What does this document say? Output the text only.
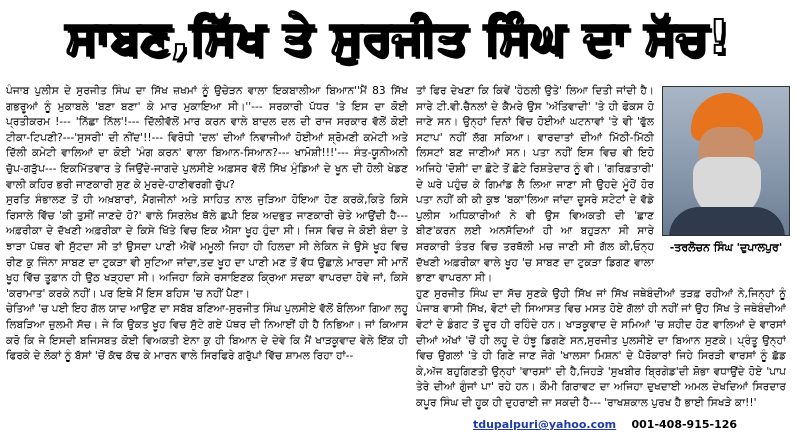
ਸਾਬਣ,ਸਿੱਖ ਤੇ ਸੁਰਜੀਤ ਸਿੰਘ ਦਾ ਸੱਚ!

ਪੰਜਾਬ ਪੁਲੀਸ ਦੇ ਸੁਰਜੀਤ ਸਿੰਘ ਦਾ ਸਿੱਖ ਜ਼ਖਮਾਂ ਨੂੰ ਉਚੇੜਨ ਵਾਲਾ ਇਕਬਾਲੀਆ ਬਿਆਨ''ਮੈਂ 83 ਸਿੱਖ ਗਭਰੂਆਂ ਨੂੰ ਮੁਕਾਬਲੇ 'ਬਣਾ ਬਣਾ' ਕੇ ਮਾਰ ਮੁਕਾਇਆ ਸੀ।''--- ਸਰਕਾਰੀ ਪੱਧਰ 'ਤੇ ਇਸ ਦਾ ਕੋਈ ਪ੍ਰਤੀਕਰਮ !--- 'ਨਿੱਛਾ ਨਿੱਲ'!--- ਦਿੱਲੀਵੱਲੋਂ ਮਾਰ ਕਰਨ ਵਾਲੇ ਬਾਦਲ ਦਲ ਦੀ ਰਾਜ ਸਰਕਾਰ ਵੱਲੋਂ ਕੋਈ ਟੀਕਾ-ਟਿਪਣੀ?---'ਸੁਸਰੀ' ਦੀ ਨੀਂਦ'!!--- ਵਿਰੋਧੀ 'ਦਲ' ਦੀਆਂ ਨਿਵਾਜੀਆਂ ਹੋਈਆਂ ਸ਼੍ਰੋਮਣੀ ਕਮੇਟੀ ਅਤੇ ਦਿੱਲੀ ਕਮੇਟੀ ਵਾਲਿਆਂ ਦਾ ਕੋਈ 'ਮੰਗ ਕਰਨ' ਵਾਲਾ ਬਿਆਨ-ਸਿਆਨ?--- ਖਾਮੋਸ਼ੀ!!!'--- ਸੰਤ-ਯੂਨੀਅਨੀ ਚੁੱਪ-ਗੜੁੱਪ--- ਇਕਮਿੱਤਵਾਰ ਤੇ ਜਿਉਂਦੇ-ਜਾਗਦੇ ਪੁਲਸੀਏ ਅਫ਼ਸਰ ਵੱਲੋਂ ਸਿੱਖ ਮੁੰਡਿਆਂ ਦੇ ਖੂਨ ਦੀ ਹੋਲੀ ਖੇਡਣ ਵਾਲੀ ਕਹਿਰ ਭਰੀ ਜਾਣਕਾਰੀ ਸੁਣ ਕੇ ਮੁਰਦੇ-ਹਾਣੀਵਰਗੀ ਚੁੱਪ?

ਸੁਰਤਿ ਸੰਭਾਲਣ ਤੋਂ ਹੀ ਅਖ਼ਬਾਰਾਂ, ਮੈਗਜੀਨਾਂ ਅਤੇ ਸਾਹਿਤ ਨਾਲ ਜੁੜਿਆ ਹੋਇਆ ਹੋਣ ਕਰਕੇ,ਕਿਤੇ ਕਿਸੇ ਰਿਸਾਲੇ ਵਿੱਚ 'ਕੀ ਤੁਸੀਂ ਜਾਣਦੇ ਹੋ?' ਵਾਲੇ ਸਿਰਲੇਖ ਥੱਲੇ ਛਪੀ ਇਕ ਅਦਭੁਤ ਜਾਣਕਾਰੀ ਚੇਤੇ ਆਉਂਦੀ ਹੈ--- ਅਫ਼ਰੀਕਾ ਦੇ ਦੱਖਣੀ ਅਫ਼ਰੀਕਾ ਦੇ ਕਿਸੇ ਖਿੱਤੇ ਵਿਚ ਇਕ ਐਸਾ ਖੂਹ ਹੁੰਦਾ ਸੀ। ਜਿਸ ਵਿਚ ਜੇ ਕੋਈ ਬੰਦਾ ਤੇ ਝਾੜਾ ਪੱਥਰ ਵੀ ਸੁੱਟਦਾ ਸੀ ਤਾਂ ਉਸਦਾ ਪਾਣੀ ਐਵੇਂ ਮਮੂਲੀ ਜਿਹਾ ਹੀ ਹਿਲਦਾ ਸੀ ਲੇਕਿਨ ਜੇ ਉਸੇ ਖੂਹ ਵਿਚ ਰੀਣ ਕੁ ਜਿੰਨਾ ਸਾਬਣ ਦਾ ਟੁਕੜਾ ਵੀ ਸੁਟਿਆ ਜਾਂਦਾ,ਤਦ ਖੂਹ ਦਾ ਪਾਣੀ ਮਣ ਤੋਂ ਵੱਧ ਉਛਾਲ਼ੇ ਮਾਰਦਾ ਸੀ ਮਾਨੋਂ ਖੂਹ ਵਿੱਚ ਤੂਫ਼ਾਨ ਹੀ ਉਠ ਖੜ੍ਹਦਾ ਸੀ। ਅਜਿਹਾ ਕਿਸੇ ਰਸਾਇਣਕ ਕ੍ਰਿਆ ਸਦਕਾ ਵਾਪਰਦਾ ਹੋਵੇ ਜਾਂ, ਕਿਸੇ 'ਕਰਾਮਾਤ' ਕਰਕੇ ਨਹੀਂ। ਪਰ ਇਥੇ ਮੈਂ ਇਸ ਬਹਿਸ 'ਚ ਨਹੀਂ ਪੈਣਾ।

ਚੇਤਿਆਂ 'ਚ ਪਈ ਇਹ ਗੱਲ ਯਾਦ ਆਉਣ ਦਾ ਸਬੱਬ ਬਣਿਆ-ਸੁਰਜੀਤ ਸਿੰਘ ਪੁਲਸੀਏ ਵੱਲੋਂ ਬੋਲਿਆ ਗਿਆ ਲਹੂ ਲਿਬੜਿਆ ਜ਼ੁਲਮੀ ਸੱਚ। ਜੇ ਕਿ ਉਕਤ ਖੂਹ ਵਿਚ ਸੁੱਟੇ ਗਏ ਪੱਥਰ ਦੀ ਨਿਆਈਂ ਹੀ ਹੈ ਨਿਭਿਆ। ਜਾਂ ਕਿਆਸ ਕਰੋ ਕਿ ਜੇ ਇਸਦੀ ਬਜਿਸਬਤ ਕੋਈ ਵਿਅਕਤੀ ਏਨਾ ਕੁ ਹੀ ਬਿਆਨ ਦੇ ਦੇਵੇ ਕਿ ਮੈਂ ਖਾੜਕੂਵਾਦ ਵੇਲੇ ਇੱਕ ਹੀ ਫਿਰਕੇ ਦੇ ਲੋਕਾਂ ਨੂੰ ਬੱਸਾਂ 'ਚੋਂ ਕੱਢ ਕੱਢ ਕੇ ਮਾਰਨ ਵਾਲੇ ਸਿਰਫਿਰੇ ਗਰੁੱਪਾਂ ਵਿੱਚ ਸ਼ਾਮਲ ਰਿਹਾ ਹਾਂ--

ਤਾਂ ਫਿਰ ਦੇਖਣਾ ਕਿ ਕਿਵੇਂ 'ਹੇਠਲੀ ਉਤੇ' ਲਿਆ ਦਿਤੀ ਜਾਂਦੀ ਹੈ। ਸਾਰੇ ਟੀ.ਵੀ.ਚੈਨਲਾਂ ਦੇ ਕੈਮਰੇ ਉਸ 'ਅੱਤਿਵਾਦੀ' 'ਤੇ ਹੀ ਫੋਕਸ ਹੋ ਜਾਣੇ ਸਨ। ਉਨ੍ਹਾਂ ਦਿਨਾਂ ਵਿੱਚ ਹੋਈਆਂ ਘਟਨਾਵਾਂ 'ਤੇ ਵੀ 'ਫੁੱਲ ਸਟਾਪ' ਨਹੀਂ ਲੱਗ ਸਕਿਆ। ਵਾਰਦਾਤਾਂ ਦੀਆਂ ਮਿੱਠੀ-ਮਿੱਠੀ ਲਿਸਟਾਂ ਬਣ ਜਾਣੀਆਂ ਸਨ। ਪਤਾ ਨਹੀਂ ਇਸ ਵਿਚ ਵੀ ਇਹੋ ਅਜਿਹੇ 'ਦੋਸ਼ੀ' ਦਾ ਛੋਟੇ ਤੋਂ ਛੋਟੇ ਰਿਸ਼ਤੇਦਾਰ ਨੂੰ ਵੀ। 'ਗਰਿਫ਼ਤਾਰੀ' ਦੇ ਘਰੇ ਪਹੁੰਚ ਕੇ ਗਿਮਾਂਡ ਲੈ ਲਿਆ ਜਾਣਾ ਸੀ ਉਹਦੇ ਮੂੰਹੋਂ ਹੋਰ ਪਤਾ ਨਹੀਂ ਕੀ ਕੀ ਕੁਝ 'ਬਕਾ'ਲਿਆ ਜਾਂਦਾ ਦੂਸਰੇ ਸਟੇਟਾਂ ਦੇ ਵੱਡੇ ਪੁਲੀਸ ਅਧਿਕਾਰੀਆਂ ਨੇ ਵੀ ਉਸ ਵਿਅਕਤੀ ਦੀ 'ਛਾਣ ਬੀਣ'ਕਰਨ ਲਈ ਅਨਸੱਦਿਆਂ ਹੀ ਆ ਬਹੁੜਨਾ ਸੀ ਸਾਰੇ ਸਰਕਾਰੀ ਤੰਤਰ ਵਿਚ ਤਰਥੱਲੀ ਮਚ ਜਾਣੀ ਸੀ ਗੱਲ ਕੀ,ਓਨ੍ਹ ਦੱਖਣੀ ਅਫ਼ਰੀਕਾ ਵਾਲੇ ਖੂਹ 'ਚ ਸਾਬਣ ਦਾ ਟੁਕੜਾ ਡਿਗਣ ਵਾਲਾ ਭਾਣਾ ਵਾਪਰਨਾ ਸੀ।

ਹੁਣ ਸੁਰਜੀਤ ਸਿੰਘ ਦਾ ਸੱਚ ਸੁਣਕੇ ਉਹੀ ਸਿੱਖ ਜਾਂ ਸਿੱਖ ਜਥੇਬੰਦੀਆਂ ਤੜਫ਼ ਰਹੀਆਂ ਨੇ,ਜਿਨ੍ਹਾਂ ਨੂੰ ਪੰਜਾਬ ਵਾਸੀ ਸਿੱਖ, ਵੋਟਾਂ ਦੀ ਸਿਆਸਤ ਵਿਚ ਮਸਤ ਹੋਏ ਗੱਲਾਂ ਹੀ ਨਹੀਂ ਜਾਂ ਉਹ ਸਿੱਖ ਤੇ ਜਥੇਬੰਦੀਆਂ ਵੋਟਾਂ ਦੇ ਡੰਗਟ ਤੋਂ ਦੂਰ ਹੀ ਰਹਿੰਦੇ ਹਨ। ਖਾੜਕੂਵਾਦ ਦੇ ਸਮਿਆਂ 'ਚ ਸ਼ਹੀਦ ਹੋਣ ਵਾਲਿਆਂ ਦੇ ਵਾਰਸਾਂ ਦੀਆਂ ਅੱਖਾਂ 'ਚੋਂ ਹੀ ਲਹੂ ਦੇ ਹੰਝੂ ਡਿਗਣੇ ਸਨ,ਸੁਰਜੀਤ ਪੁਲਸੀਏ ਦਾ ਬਿਆਨ ਸੁਣਕੇ। ਪ੍ਰੰਤੂ ਉਨ੍ਹਾਂ ਵਿਚ ਉਗਲਾਂ 'ਤੇ ਹੀ ਗਿਣੇ ਜਾਣ ਜੋਗੇ 'ਖਾਲਸਾ ਮਿਸ਼ਨ' ਦੇ ਪੈਰੋਕਾਰਾਂ ਜਿਹੇ ਸਿਰੜੀ ਵਾਰਸਾਂ ਨੂੰ ਛੱਡ ਕੇ,ਅੱਜ ਬਹੁਗਿਣਤੀ ਉਨ੍ਹਾਂ 'ਵਾਰਸਾਂ' ਦੀ ਹੈ,ਜਿਹੜੇ 'ਸੁਖਬੀਰ ਬ੍ਰਿਗੇਡ'ਦੀ ਸ਼ੋਭਾ ਵਧਾਉਂਦੇ ਹੋਏ 'ਪਾਪ ਤੇਰੇ ਦੀਆਂ ਗੁੰਜਾਂ ਪਾ' ਰਹੇ ਹਨ। ਕੌਮੀ ਗਿਰਾਵਟ ਦਾ ਅਜਿਹਾ ਦੁਖਦਾਈ ਅਮਲ ਦੇਖਦਿਆਂ ਸਿਰਦਾਰ ਕਪੂਰ ਸਿੰਘ ਦੀ ਹੂਕ ਹੀ ਦੁਹਰਾਈ ਜਾ ਸਕਦੀ ਹੈ--- 'ਰਾਖਸ਼ਕਾਲ ਪੁਰਖ ਹੈ ਭਾਈ ਸਿਖੜੇ ਕਾ!!'

-ਤਰਲੋਚਨ ਸਿੰਘ 'ਦੁਪਾਲਪੁਰ'
tdupalpuri@yahoo.com 001-408-915-126
